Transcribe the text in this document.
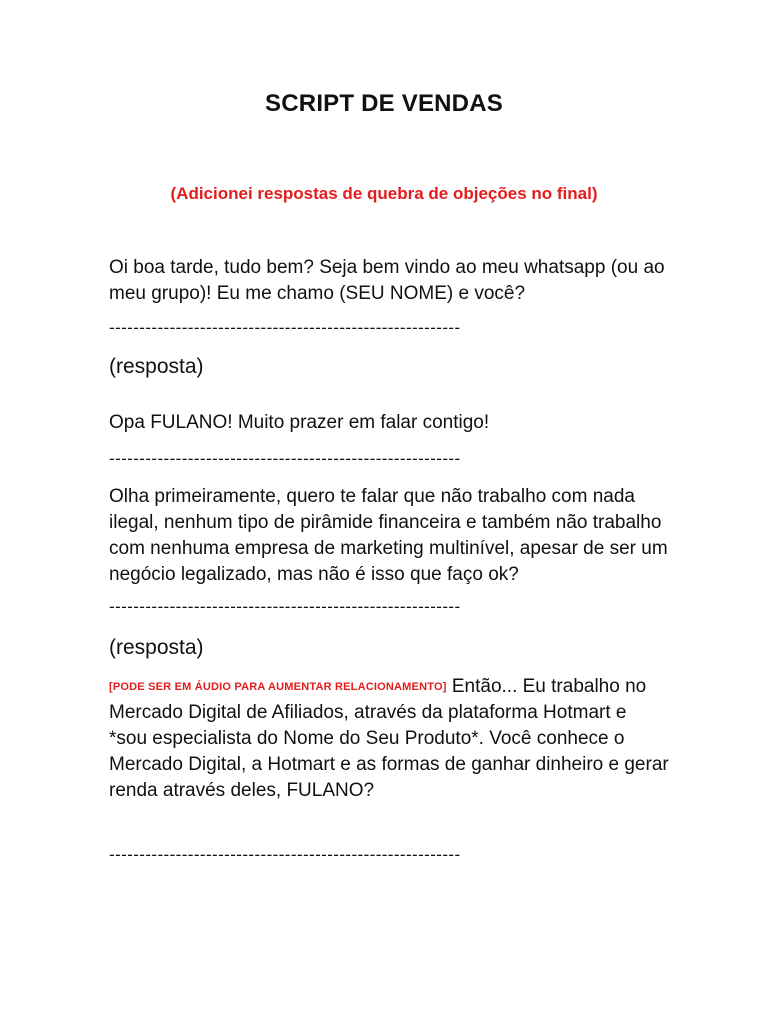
SCRIPT DE VENDAS
(Adicionei respostas de quebra de objeções no final)
Oi boa tarde, tudo bem? Seja bem vindo ao meu whatsapp (ou ao meu grupo)! Eu me chamo (SEU NOME) e você?
----------------------------------------------------------
(resposta)
Opa FULANO! Muito prazer em falar contigo!
----------------------------------------------------------
Olha primeiramente, quero te falar que não trabalho com nada ilegal, nenhum tipo de pirâmide financeira e também não trabalho com nenhuma empresa de marketing multinível, apesar de ser um negócio legalizado, mas não é isso que faço ok?
----------------------------------------------------------
(resposta)
[PODE SER EM ÁUDIO PARA AUMENTAR RELACIONAMENTO] Então... Eu trabalho no Mercado Digital de Afiliados, através da plataforma Hotmart e *sou especialista do Nome do Seu Produto*. Você conhece o Mercado Digital, a Hotmart e as formas de ganhar dinheiro e gerar renda através deles, FULANO?
----------------------------------------------------------
